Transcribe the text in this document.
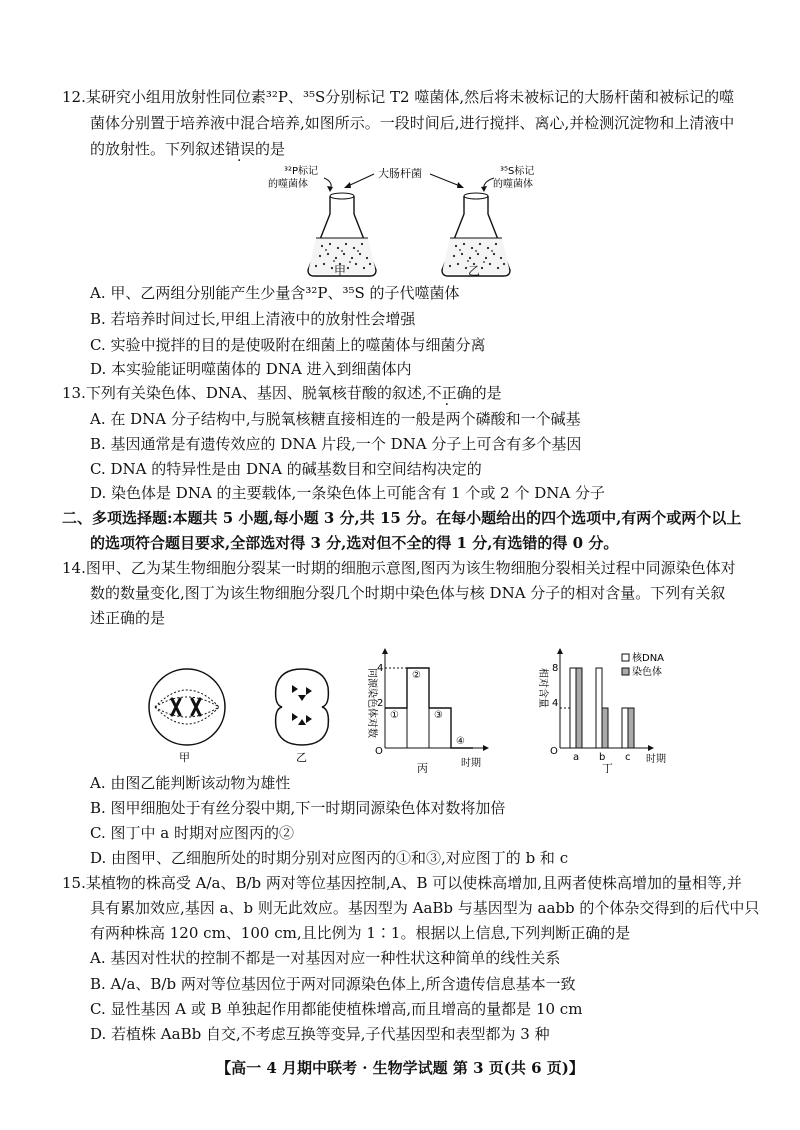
12.某研究小组用放射性同位素³²P、³⁵S分别标记 T2 噬菌体,然后将未被标记的大肠杆菌和被标记的噬
菌体分别置于培养液中混合培养,如图所示。一段时间后,进行搅拌、离心,并检测沉淀物和上清液中
的放射性。下列叙述错误的是
³²P标记
的噬菌体
大肠杆菌	³⁵S标记
的噬菌体
甲	乙
A. 甲、乙两组分别能产生少量含³²P、³⁵S 的子代噬菌体
B. 若培养时间过长,甲组上清液中的放射性会增强
C. 实验中搅拌的目的是使吸附在细菌上的噬菌体与细菌分离
D. 本实验能证明噬菌体的 DNA 进入到细菌体内
13.下列有关染色体、DNA、基因、脱氧核苷酸的叙述,不正确的是
A. 在 DNA 分子结构中,与脱氧核糖直接相连的一般是两个磷酸和一个碱基
B. 基因通常是有遗传效应的 DNA 片段,一个 DNA 分子上可含有多个基因
C. DNA 的特异性是由 DNA 的碱基数目和空间结构决定的
D. 染色体是 DNA 的主要载体,一条染色体上可能含有 1 个或 2 个 DNA 分子
二、多项选择题:本题共 5 小题,每小题 3 分,共 15 分。在每小题给出的四个选项中,有两个或两个以上
的选项符合题目要求,全部选对得 3 分,选对但不全的得 1 分,有选错的得 0 分。
14.图甲、乙为某生物细胞分裂某一时期的细胞示意图,图丙为该生物细胞分裂相关过程中同源染色体对
数的数量变化,图丁为该生物细胞分裂几个时期中染色体与核 DNA 分子的相对含量。下列有关叙
述正确的是
甲	乙	O
4
2
同源染色体对数
时期
丙
①
②
③
④
O
8
4
相对含量
时期
丁
核DNA
染色体
a b c
A. 由图乙能判断该动物为雄性
B. 图甲细胞处于有丝分裂中期,下一时期同源染色体对数将加倍
C. 图丁中 a 时期对应图丙的②
D. 由图甲、乙细胞所处的时期分别对应图丙的①和③,对应图丁的 b 和 c
15.某植物的株高受 A/a、B/b 两对等位基因控制,A、B 可以使株高增加,且两者使株高增加的量相等,并
具有累加效应,基因 a、b 则无此效应。基因型为 AaBb 与基因型为 aabb 的个体杂交得到的后代中只
有两种株高 120 cm、100 cm,且比例为 1∶1。根据以上信息,下列判断正确的是
A. 基因对性状的控制不都是一对基因对应一种性状这种简单的线性关系
B. A/a、B/b 两对等位基因位于两对同源染色体上,所含遗传信息基本一致
C. 显性基因 A 或 B 单独起作用都能使植株增高,而且增高的量都是 10 cm
D. 若植株 AaBb 自交,不考虑互换等变异,子代基因型和表型都为 3 种
【高一 4 月期中联考 · 生物学试题 第 3 页(共 6 页)】
